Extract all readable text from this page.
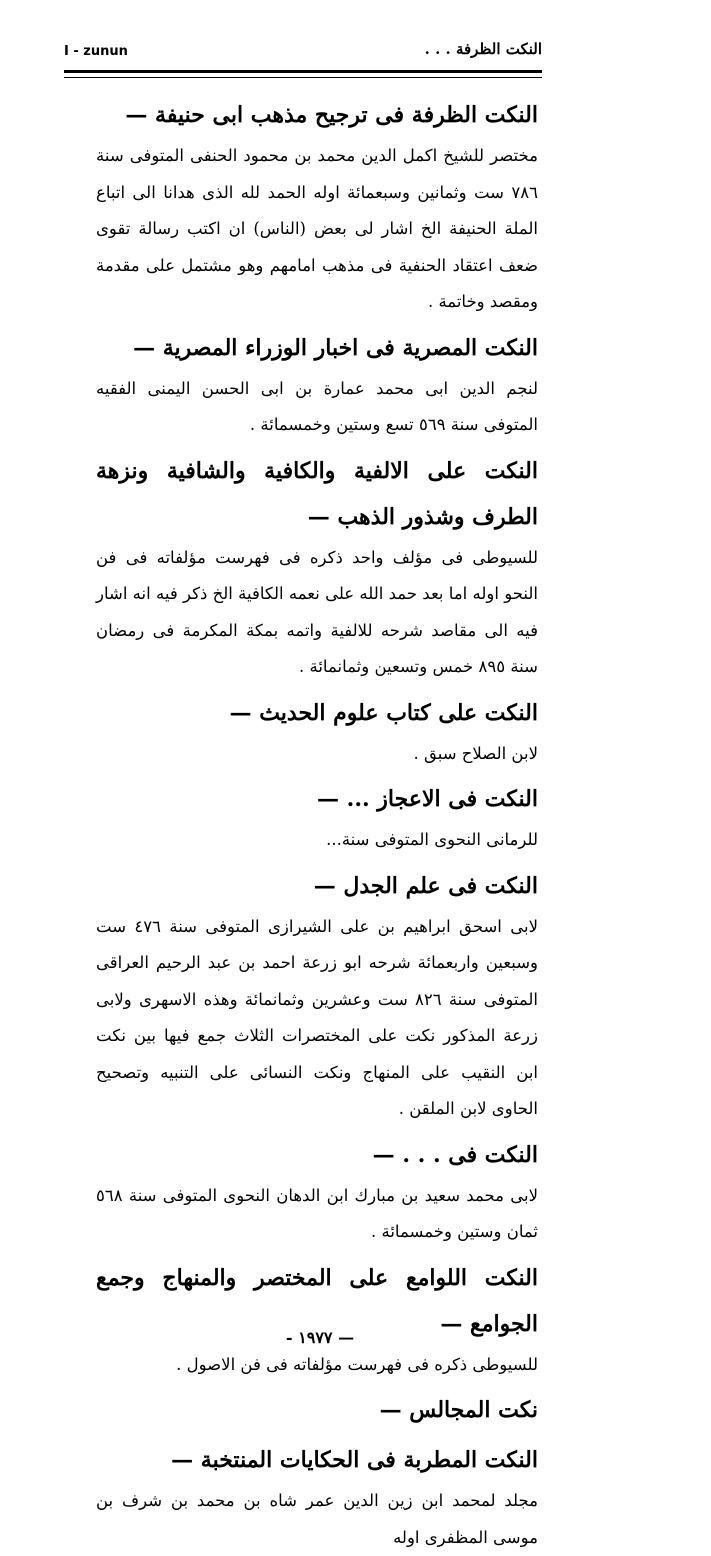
I - zunun	النكت الظرفة . . .

النكت الظرفة فى ترجيح مذهب ابى حنيفة —

مختصر للشيخ اكمل الدين محمد بن محمود الحنفى المتوفى سنة ٧٨٦ ست وثمانين وسبعمائة اوله الحمد لله الذى هدانا الى اتباع الملة الحنيفة الخ اشار لى بعض (الناس) ان اكتب رسالة تقوى ضعف اعتقاد الحنفية فى مذهب امامهم وهو مشتمل على مقدمة ومقصد وخاتمة .

النكت المصرية فى اخبار الوزراء المصرية —

لنجم الدين ابى محمد عمارة بن ابى الحسن اليمنى الفقيه المتوفى سنة ٥٦٩ تسع وستين وخمسمائة .

النكت على الالفية والكافية والشافية ونزهة الطرف وشذور الذهب —

للسيوطى فى مؤلف واحد ذكره فى فهرست مؤلفاته فى فن النحو اوله اما بعد حمد الله على نعمه الكافية الخ ذكر فيه انه اشار فيه الى مقاصد شرحه للالفية واتمه بمكة المكرمة فى رمضان سنة ٨٩٥ خمس وتسعين وثمانمائة .

النكت على كتاب علوم الحديث —

لابن الصلاح سبق .

النكت فى الاعجاز ... —

للرمانى النحوى المتوفى سنة...

النكت فى علم الجدل —

لابى اسحق ابراهيم بن على الشيرازى المتوفى سنة ٤٧٦ ست وسبعين واربعمائة شرحه ابو زرعة احمد بن عبد الرحيم العراقى المتوفى سنة ٨٢٦ ست وعشرين وثمانمائة وهذه الاسهرى ولابى زرعة المذكور نكت على المختصرات الثلاث جمع فيها بين نكت ابن النقيب على المنهاج ونكت النسائى على التنبيه وتصحيح الحاوى لابن الملقن .

النكت فى . . . —

لابى محمد سعيد بن مبارك ابن الدهان النحوى المتوفى سنة ٥٦٨ ثمان وستين وخمسمائة .

النكت اللوامع على المختصر والمنهاج وجمع الجوامع —

للسيوطى ذكره فى فهرست مؤلفاته فى فن الاصول .

نكت المجالس —

النكت المطربة فى الحكايات المنتخبة —

مجلد لمحمد ابن زين الدين عمر شاه بن محمد بن شرف بن موسى المظفرى اوله

— ١٩٧٧ -
